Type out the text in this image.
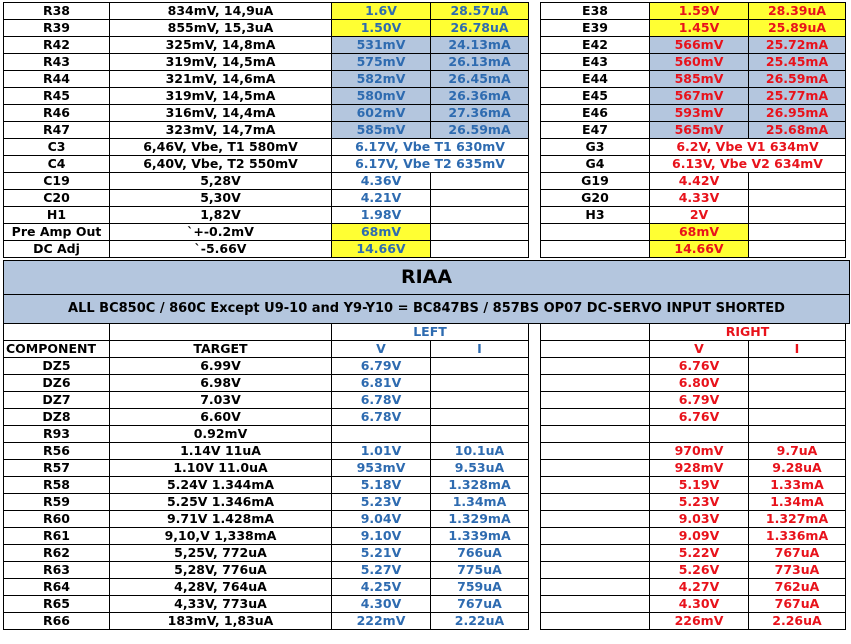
R38	834mV, 14,9uA	1.6V	28.57uA		E38	1.59V	28.39uA
R39	855mV, 15,3uA	1.50V	26.78uA		E39	1.45V	25.89uA
R42	325mV, 14,8mA	531mV	24.13mA		E42	566mV	25.72mA
R43	319mV, 14,5mA	575mV	26.13mA		E43	560mV	25.45mA
R44	321mV, 14,6mA	582mV	26.45mA		E44	585mV	26.59mA
R45	319mV, 14,5mA	580mV	26.36mA		E45	567mV	25.77mA
R46	316mV, 14,4mA	602mV	27.36mA		E46	593mV	26.95mA
R47	323mV, 14,7mA	585mV	26.59mA		E47	565mV	25.68mA
C3	6,46V, Vbe, T1 580mV	6.17V, Vbe T1 630mV			G3	6.2V, Vbe V1 634mV	
C4	6,40V, Vbe, T2 550mV	6.17V, Vbe T2 635mV			G4	6.13V, Vbe V2 634mV	
C19	5,28V	4.36V			G19	4.42V	
C20	5,30V	4.21V			G20	4.33V	
H1	1,82V	1.98V			H3	2V	
Pre Amp Out	`+-0.2mV	68mV				68mV	
DC Adj	`-5.66V	14.66V				14.66V	
RIAA
ALL BC850C / 860C Except U9-10 and Y9-Y10 = BC847BS / 857BS OP07 DC-SERVO INPUT SHORTED
		LEFT				RIGHT	
COMPONENT	TARGET	V	I			V	I
DZ5	6.99V	6.79V				6.76V	
DZ6	6.98V	6.81V				6.80V	
DZ7	7.03V	6.78V				6.79V	
DZ8	6.60V	6.78V				6.76V	
R93	0.92mV						
R56	1.14V 11uA	1.01V	10.1uA			970mV	9.7uA
R57	1.10V 11.0uA	953mV	9.53uA			928mV	9.28uA
R58	5.24V 1.344mA	5.18V	1.328mA			5.19V	1.33mA
R59	5.25V 1.346mA	5.23V	1.34mA			5.23V	1.34mA
R60	9.71V 1.428mA	9.04V	1.329mA			9.03V	1.327mA
R61	9,10,V 1,338mA	9.10V	1.339mA			9.09V	1.336mA
R62	5,25V, 772uA	5.21V	766uA			5.22V	767uA
R63	5,28V, 776uA	5.27V	775uA			5.26V	773uA
R64	4,28V, 764uA	4.25V	759uA			4.27V	762uA
R65	4,33V, 773uA	4.30V	767uA			4.30V	767uA
R66	183mV, 1,83uA	222mV	2.22uA			226mV	2.26uA
